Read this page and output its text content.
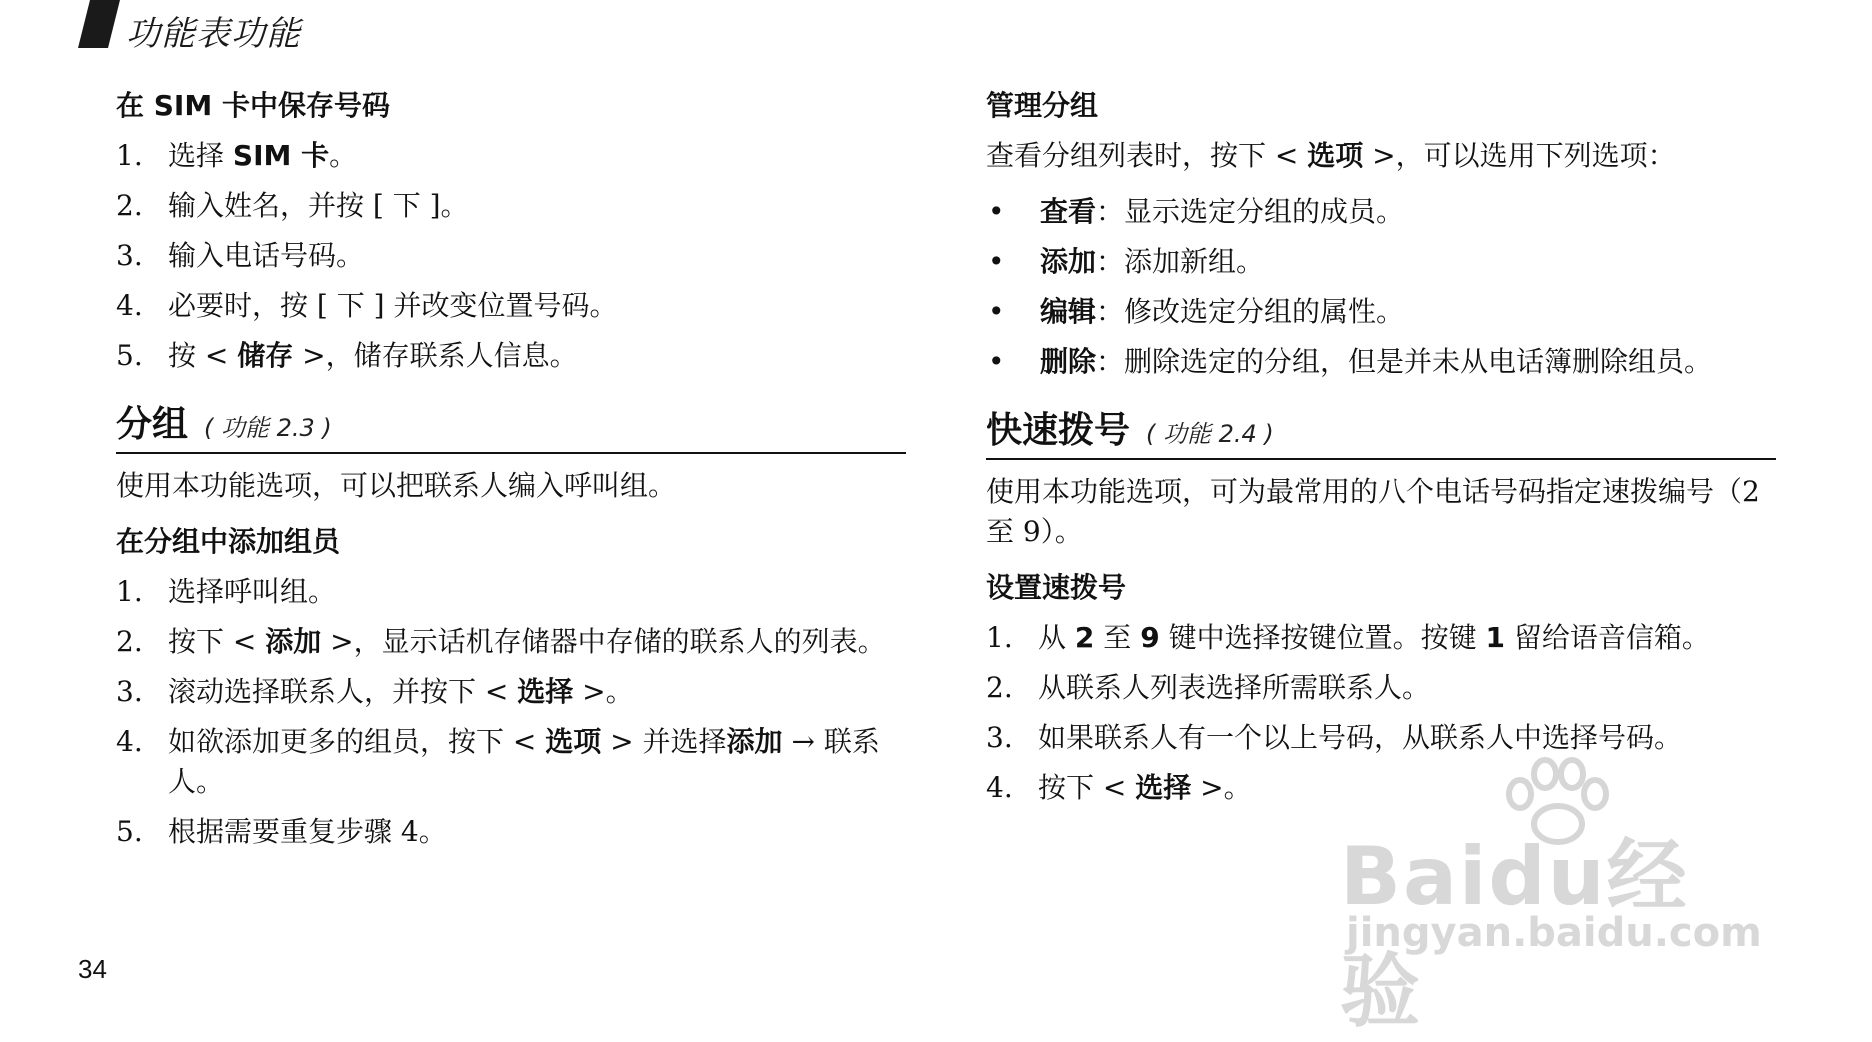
功能表功能
在 SIM 卡中保存号码
1. 选择 SIM 卡。
2. 输入姓名，并按 [ 下 ]。
3. 输入电话号码。
4. 必要时，按 [ 下 ] 并改变位置号码。
5. 按 < 储存 >，储存联系人信息。
分组 ( 功能 2.3 )
使用本功能选项，可以把联系人编入呼叫组。
在分组中添加组员
1. 选择呼叫组。
2. 按下 < 添加 >，显示话机存储器中存储的联系人的列表。
3. 滚动选择联系人，并按下 < 选择 >。
4. 如欲添加更多的组员，按下 < 选项 > 并选择添加 → 联系人。
5. 根据需要重复步骤 4。
管理分组
查看分组列表时，按下 < 选项 >，可以选用下列选项：
•	查看：显示选定分组的成员。
•	添加：添加新组。
•	编辑：修改选定分组的属性。
•	删除：删除选定的分组，但是并未从电话簿删除组员。
快速拨号 ( 功能 2.4 )
使用本功能选项，可为最常用的八个电话号码指定速拨编号（2 至 9）。
设置速拨号
1. 从 2 至 9 键中选择按键位置。按键 1 留给语音信箱。
2. 从联系人列表选择所需联系人。
3. 如果联系人有一个以上号码，从联系人中选择号码。
4. 按下 < 选择 >。
34
Baidu经验
jingyan.baidu.com
